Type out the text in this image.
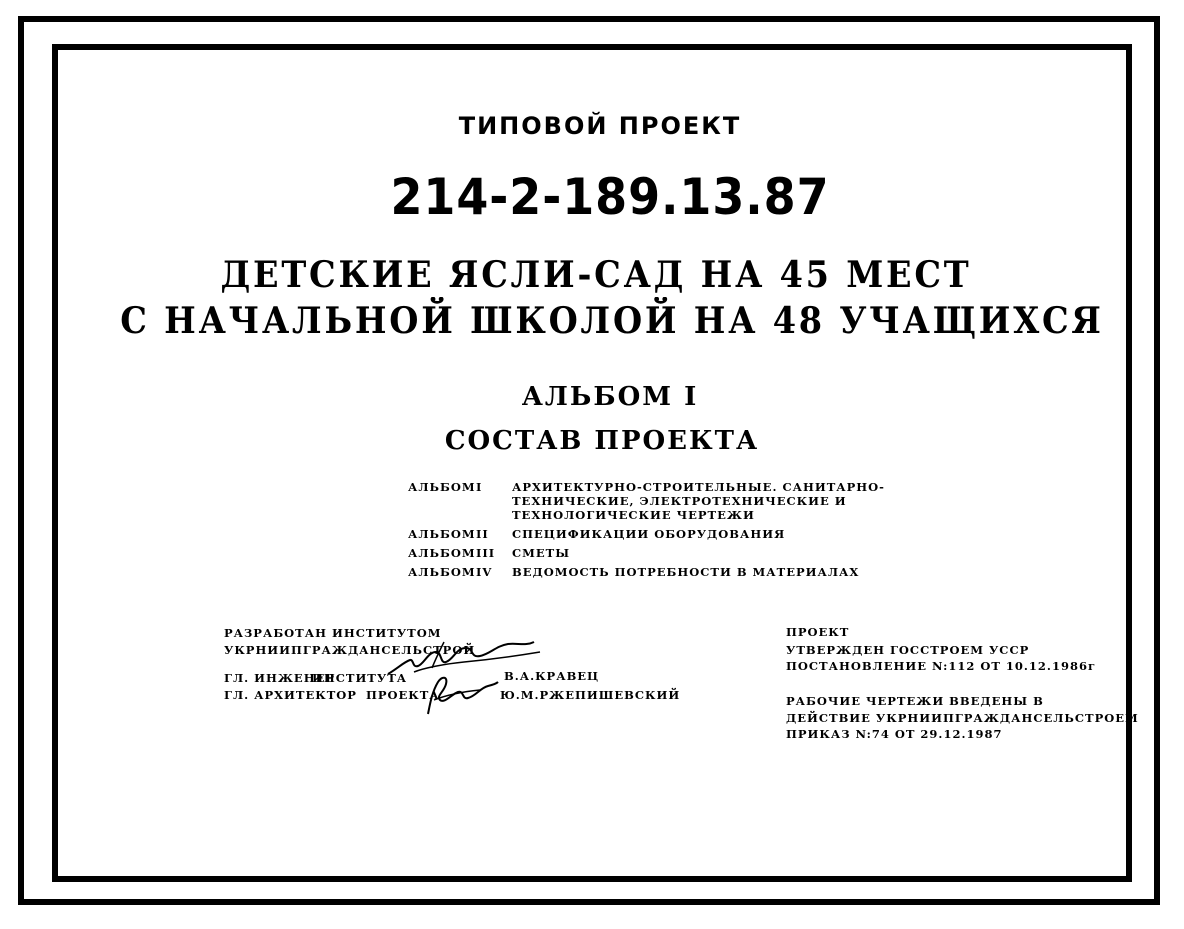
ТИПОВОЙ ПРОЕКТ
214-2-189.13.87
ДЕТСКИЕ ЯСЛИ-САД НА 45 МЕСТ
С НАЧАЛЬНОЙ ШКОЛОЙ НА 48 УЧАЩИХСЯ
АЛЬБОМ I
СОСТАВ ПРОЕКТА
АЛЬБОМ I	АРХИТЕКТУРНО-СТРОИТЕЛЬНЫЕ. САНИТАРНО-
ТЕХНИЧЕСКИЕ, ЭЛЕКТРОТЕХНИЧЕСКИЕ И
ТЕХНОЛОГИЧЕСКИЕ ЧЕРТЕЖИ
АЛЬБОМ II СПЕЦИФИКАЦИИ ОБОРУДОВАНИЯ
АЛЬБОМ III СМЕТЫ
АЛЬБОМ IV ВЕДОМОСТЬ ПОТРЕБНОСТИ В МАТЕРИАЛАХ
РАЗРАБОТАН ИНСТИТУТОМ
УКРНИИПГРАЖДАНСЕЛЬСТРОЙ
ГЛ. ИНЖЕНЕР
ИНСТИТУТА	В.А.КРАВЕЦ
ГЛ. АРХИТЕКТОР ПРОЕКТА	Ю.М.РЖЕПИШЕВСКИЙ
ПРОЕКТ
УТВЕРЖДЕН ГОССТРОЕМ УССР
ПОСТАНОВЛЕНИЕ N:112 ОТ 10.12.1986г
РАБОЧИЕ ЧЕРТЕЖИ ВВЕДЕНЫ В
ДЕЙСТВИЕ УКРНИИПГРАЖДАНСЕЛЬСТРОЕМ
ПРИКАЗ N:74 ОТ 29.12.1987
